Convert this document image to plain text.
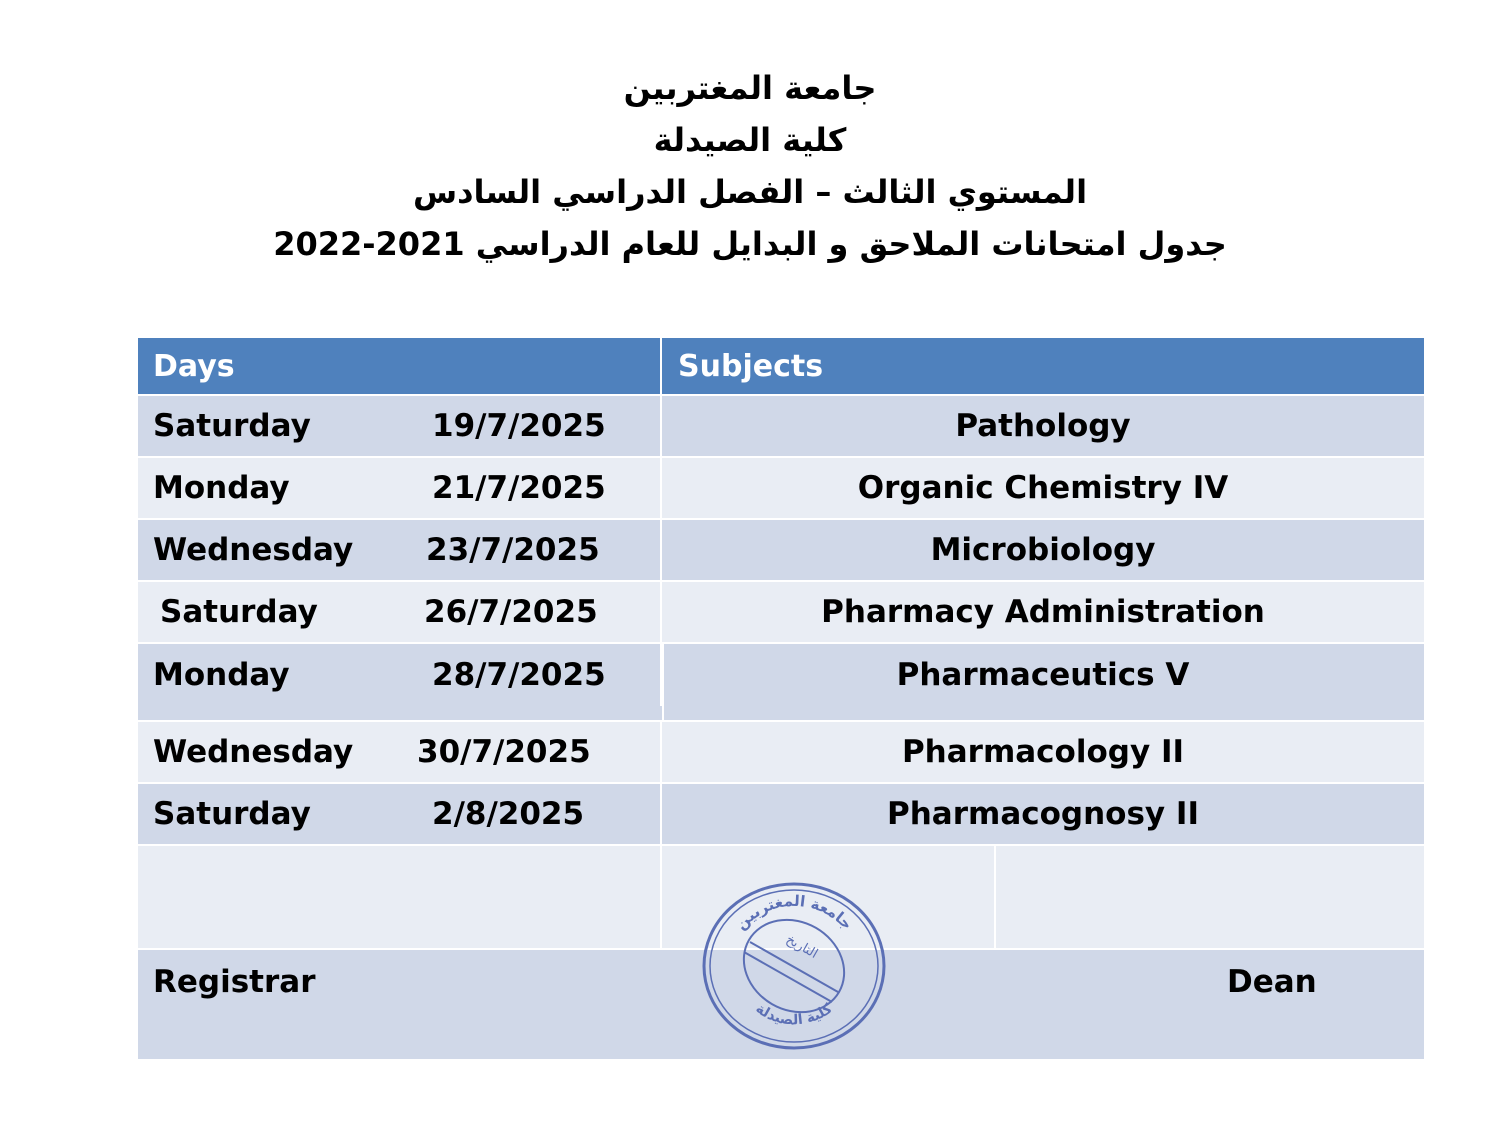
جامعة المغتربين
كلية الصيدلة
المستوي الثالث – الفصل الدراسي السادس
جدول امتحانات الملاحق و البدايل للعام الدراسي 2021-2022
Days	Subjects
Saturday	19/7/2025	Pathology
Monday	21/7/2025	Organic Chemistry IV
Wednesday 23/7/2025	Microbiology
Saturday	26/7/2025	Pharmacy Administration
Monday	28/7/2025	Pharmaceutics V
Wednesday 30/7/2025	Pharmacology II
Saturday	2/8/2025	Pharmacognosy II
Registrar	Dean
جامعة المغتربين
التاريخ
كلية الصيدلة
